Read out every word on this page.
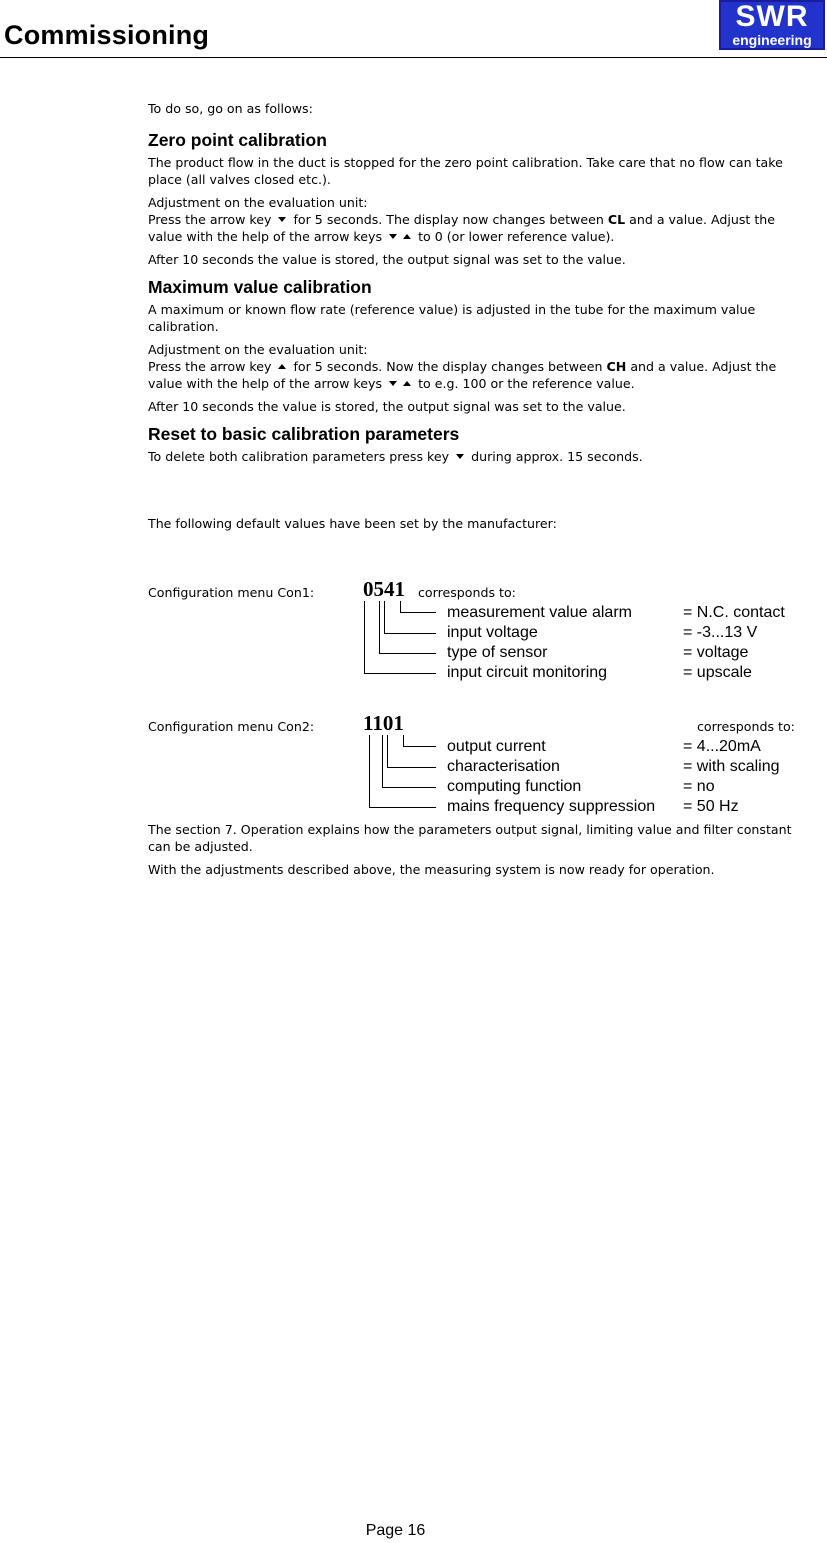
Commissioning
SWR
engineering

To do so, go on as follows:

Zero point calibration

The product flow in the duct is stopped for the zero point calibration. Take care that no flow can take place (all valves closed etc.).

Adjustment on the evaluation unit:
Press the arrow key for 5 seconds. The display now changes between CL and a value. Adjust the value with the help of the arrow keys	to 0 (or lower reference value).

After 10 seconds the value is stored, the output signal was set to the value.

Maximum value calibration

A maximum or known flow rate (reference value) is adjusted in the tube for the maximum value calibration.

Adjustment on the evaluation unit:
Press the arrow key for 5 seconds. Now the display changes between CH and a value. Adjust the value with the help of the arrow keys	to e.g. 100 or the reference value.

After 10 seconds the value is stored, the output signal was set to the value.

Reset to basic calibration parameters

To delete both calibration parameters press key during approx. 15 seconds.

The following default values have been set by the manufacturer:

Configuration menu Con1: 0541 corresponds to:
measurement value alarm	= N.C. contact
input voltage	= -3...13 V
type of sensor	= voltage
input circuit monitoring	= upscale
Configuration menu Con2: 1101	corresponds to:
output current	= 4...20mA
characterisation	= with scaling
computing function	= no
mains frequency suppression = 50 Hz

The section 7. Operation explains how the parameters output signal, limiting value and filter constant can be adjusted.

With the adjustments described above, the measuring system is now ready for operation.

Page 16
